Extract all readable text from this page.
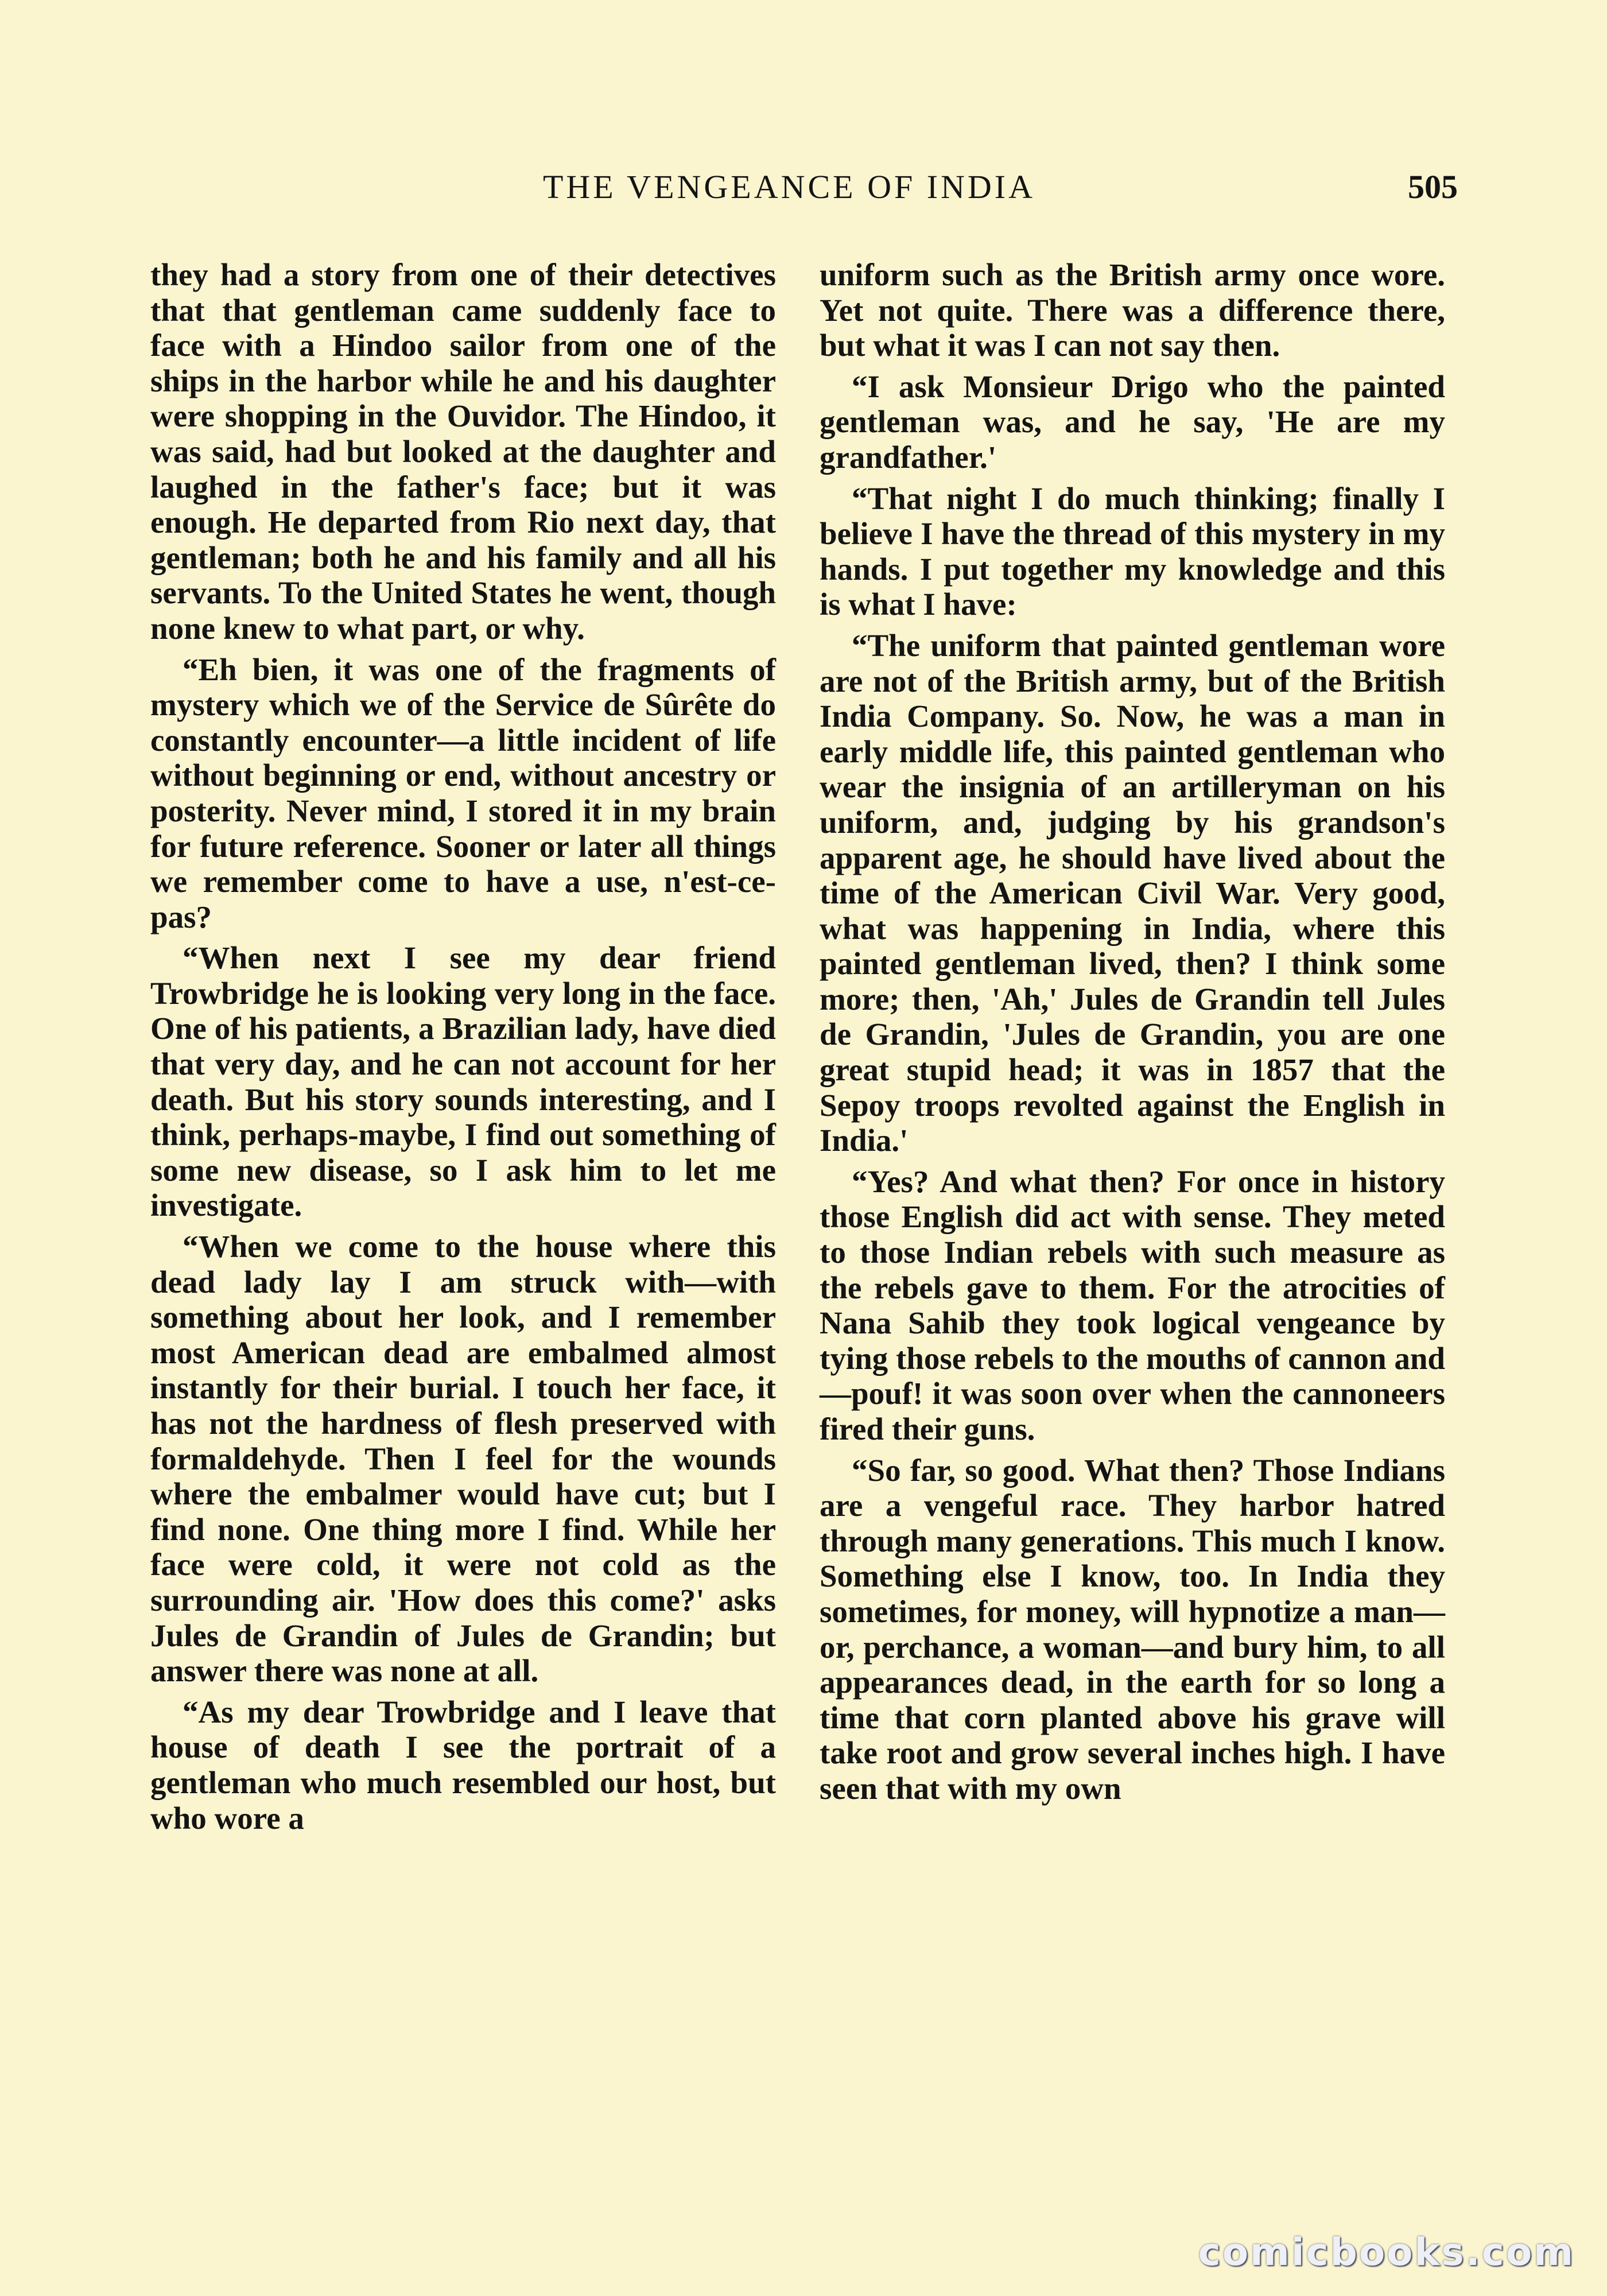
THE VENGEANCE OF INDIA	505

they had a story from one of their detectives that that gentleman came suddenly face to face with a Hindoo sailor from one of the ships in the harbor while he and his daughter were shopping in the Ouvidor. The Hindoo, it was said, had but looked at the daughter and laughed in the father's face; but it was enough. He departed from Rio next day, that gentleman; both he and his family and all his servants. To the United States he went, though none knew to what part, or why.

“Eh bien, it was one of the fragments of mystery which we of the Service de Sûrête do constantly encounter—a little incident of life without beginning or end, without ancestry or posterity. Never mind, I stored it in my brain for future reference. Sooner or later all things we remember come to have a use, n'est-ce-pas?

“When next I see my dear friend Trowbridge he is looking very long in the face. One of his patients, a Brazilian lady, have died that very day, and he can not account for her death. But his story sounds interesting, and I think, perhaps-maybe, I find out something of some new disease, so I ask him to let me investigate.

“When we come to the house where this dead lady lay I am struck with—with something about her look, and I remember most American dead are embalmed almost instantly for their burial. I touch her face, it has not the hardness of flesh preserved with formaldehyde. Then I feel for the wounds where the embalmer would have cut; but I find none. One thing more I find. While her face were cold, it were not cold as the surrounding air. 'How does this come?' asks Jules de Grandin of Jules de Grandin; but answer there was none at all.

“As my dear Trowbridge and I leave that house of death I see the portrait of a gentleman who much resembled our host, but who wore a

uniform such as the British army once wore. Yet not quite. There was a difference there, but what it was I can not say then.

“I ask Monsieur Drigo who the painted gentleman was, and he say, 'He are my grandfather.'

“That night I do much thinking; finally I believe I have the thread of this mystery in my hands. I put together my knowledge and this is what I have:

“The uniform that painted gentleman wore are not of the British army, but of the British India Company. So. Now, he was a man in early middle life, this painted gentleman who wear the insignia of an artilleryman on his uniform, and, judging by his grandson's apparent age, he should have lived about the time of the American Civil War. Very good, what was happening in India, where this painted gentleman lived, then? I think some more; then, 'Ah,' Jules de Grandin tell Jules de Grandin, 'Jules de Grandin, you are one great stupid head; it was in 1857 that the Sepoy troops revolted against the English in India.'

“Yes? And what then? For once in history those English did act with sense. They meted to those Indian rebels with such measure as the rebels gave to them. For the atrocities of Nana Sahib they took logical vengeance by tying those rebels to the mouths of cannon and—pouf! it was soon over when the cannoneers fired their guns.

“So far, so good. What then? Those Indians are a vengeful race. They harbor hatred through many generations. This much I know. Something else I know, too. In India they sometimes, for money, will hypnotize a man—or, perchance, a woman—and bury him, to all appearances dead, in the earth for so long a time that corn planted above his grave will take root and grow several inches high. I have seen that with my own

comicbooks.com
